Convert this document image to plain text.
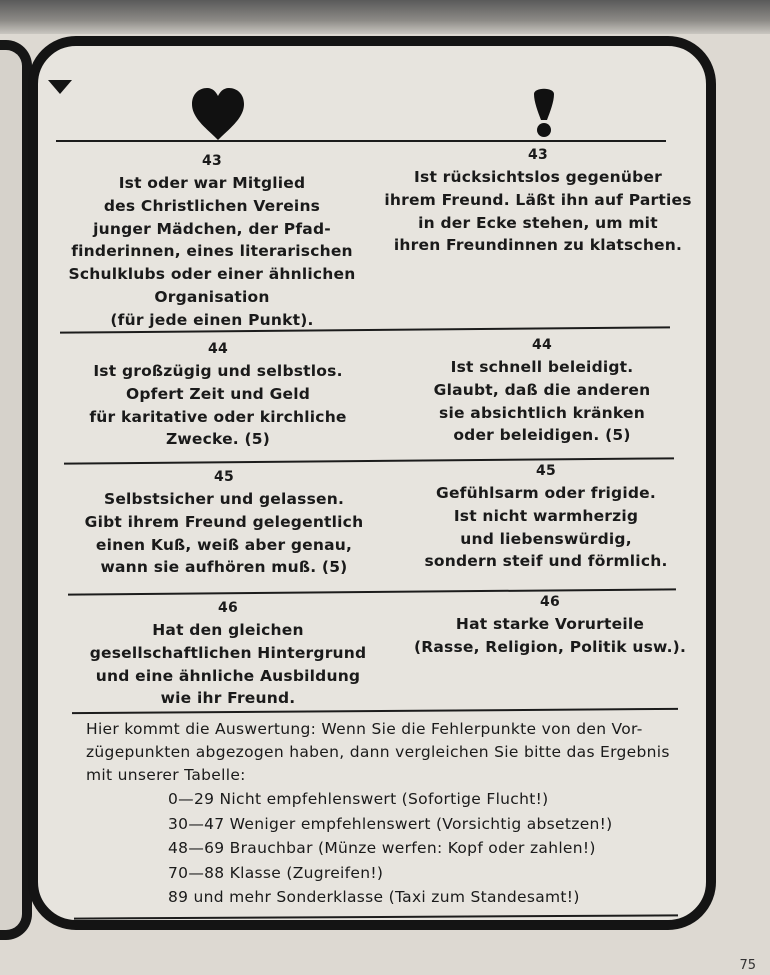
43
Ist oder war Mitglied
des Christlichen Vereins
junger Mädchen, der Pfad-
finderinnen, eines literarischen
Schulklubs oder einer ähnlichen
Organisation
(für jede einen Punkt).
43
Ist rücksichtslos gegenüber
ihrem Freund. Läßt ihn auf Parties
in der Ecke stehen, um mit
ihren Freundinnen zu klatschen.
44
Ist großzügig und selbstlos.
Opfert Zeit und Geld
für karitative oder kirchliche
Zwecke. (5)
44
Ist schnell beleidigt.
Glaubt, daß die anderen
sie absichtlich kränken
oder beleidigen. (5)
45
Selbstsicher und gelassen.
Gibt ihrem Freund gelegentlich
einen Kuß, weiß aber genau,
wann sie aufhören muß. (5)
45
Gefühlsarm oder frigide.
Ist nicht warmherzig
und liebenswürdig,
sondern steif und förmlich.
46
Hat den gleichen
gesellschaftlichen Hintergrund
und eine ähnliche Ausbildung
wie ihr Freund.
46
Hat starke Vorurteile
(Rasse, Religion, Politik usw.).
Hier kommt die Auswertung: Wenn Sie die Fehlerpunkte von den Vor-
zügepunkten abgezogen haben, dann vergleichen Sie bitte das Ergebnis
mit unserer Tabelle:
0—29 Nicht empfehlenswert (Sofortige Flucht!)
30—47 Weniger empfehlenswert (Vorsichtig absetzen!)
48—69 Brauchbar (Münze werfen: Kopf oder zahlen!)
70—88 Klasse (Zugreifen!)
89 und mehr Sonderklasse (Taxi zum Standesamt!)
75
